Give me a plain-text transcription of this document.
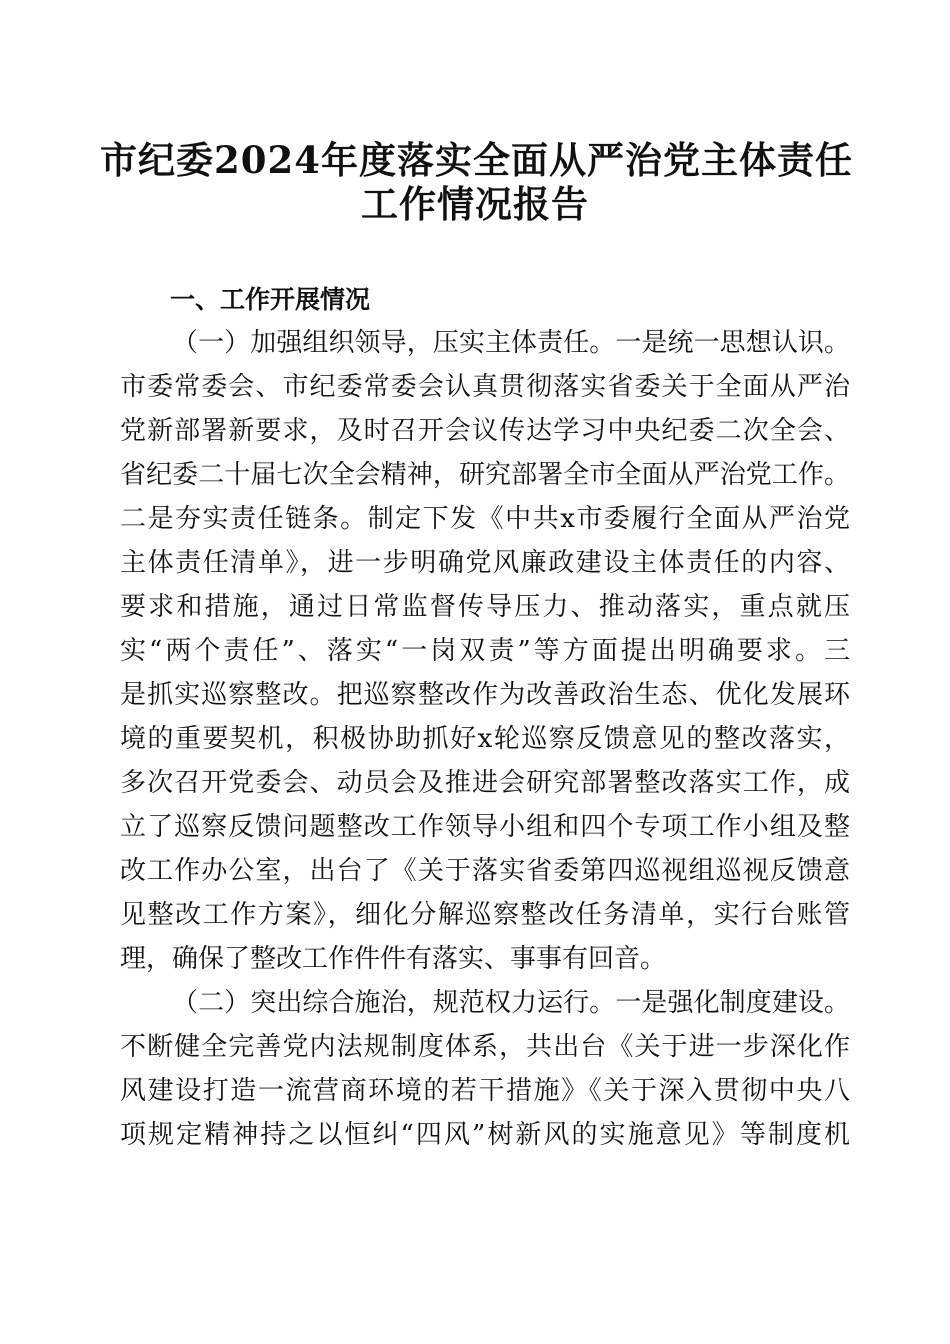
市纪委2024年度落实全面从严治党主体责任
工作情况报告
一、工作开展情况
（一）加强组织领导，压实主体责任。一是统一思想认识。
市委常委会、市纪委常委会认真贯彻落实省委关于全面从严治
党新部署新要求，及时召开会议传达学习中央纪委二次全会、
省纪委二十届七次全会精神，研究部署全市全面从严治党工作。
二是夯实责任链条。制定下发《中共x市委履行全面从严治党
主体责任清单》，进一步明确党风廉政建设主体责任的内容、
要求和措施，通过日常监督传导压力、推动落实，重点就压
实“两个责任”、落实“一岗双责”等方面提出明确要求。三
是抓实巡察整改。把巡察整改作为改善政治生态、优化发展环
境的重要契机，积极协助抓好x轮巡察反馈意见的整改落实，
多次召开党委会、动员会及推进会研究部署整改落实工作，成
立了巡察反馈问题整改工作领导小组和四个专项工作小组及整
改工作办公室，出台了《关于落实省委第四巡视组巡视反馈意
见整改工作方案》，细化分解巡察整改任务清单，实行台账管
理，确保了整改工作件件有落实、事事有回音。
（二）突出综合施治，规范权力运行。一是强化制度建设。
不断健全完善党内法规制度体系，共出台《关于进一步深化作
风建设打造一流营商环境的若干措施》《关于深入贯彻中央八
项规定精神持之以恒纠“四风”树新风的实施意见》等制度机
